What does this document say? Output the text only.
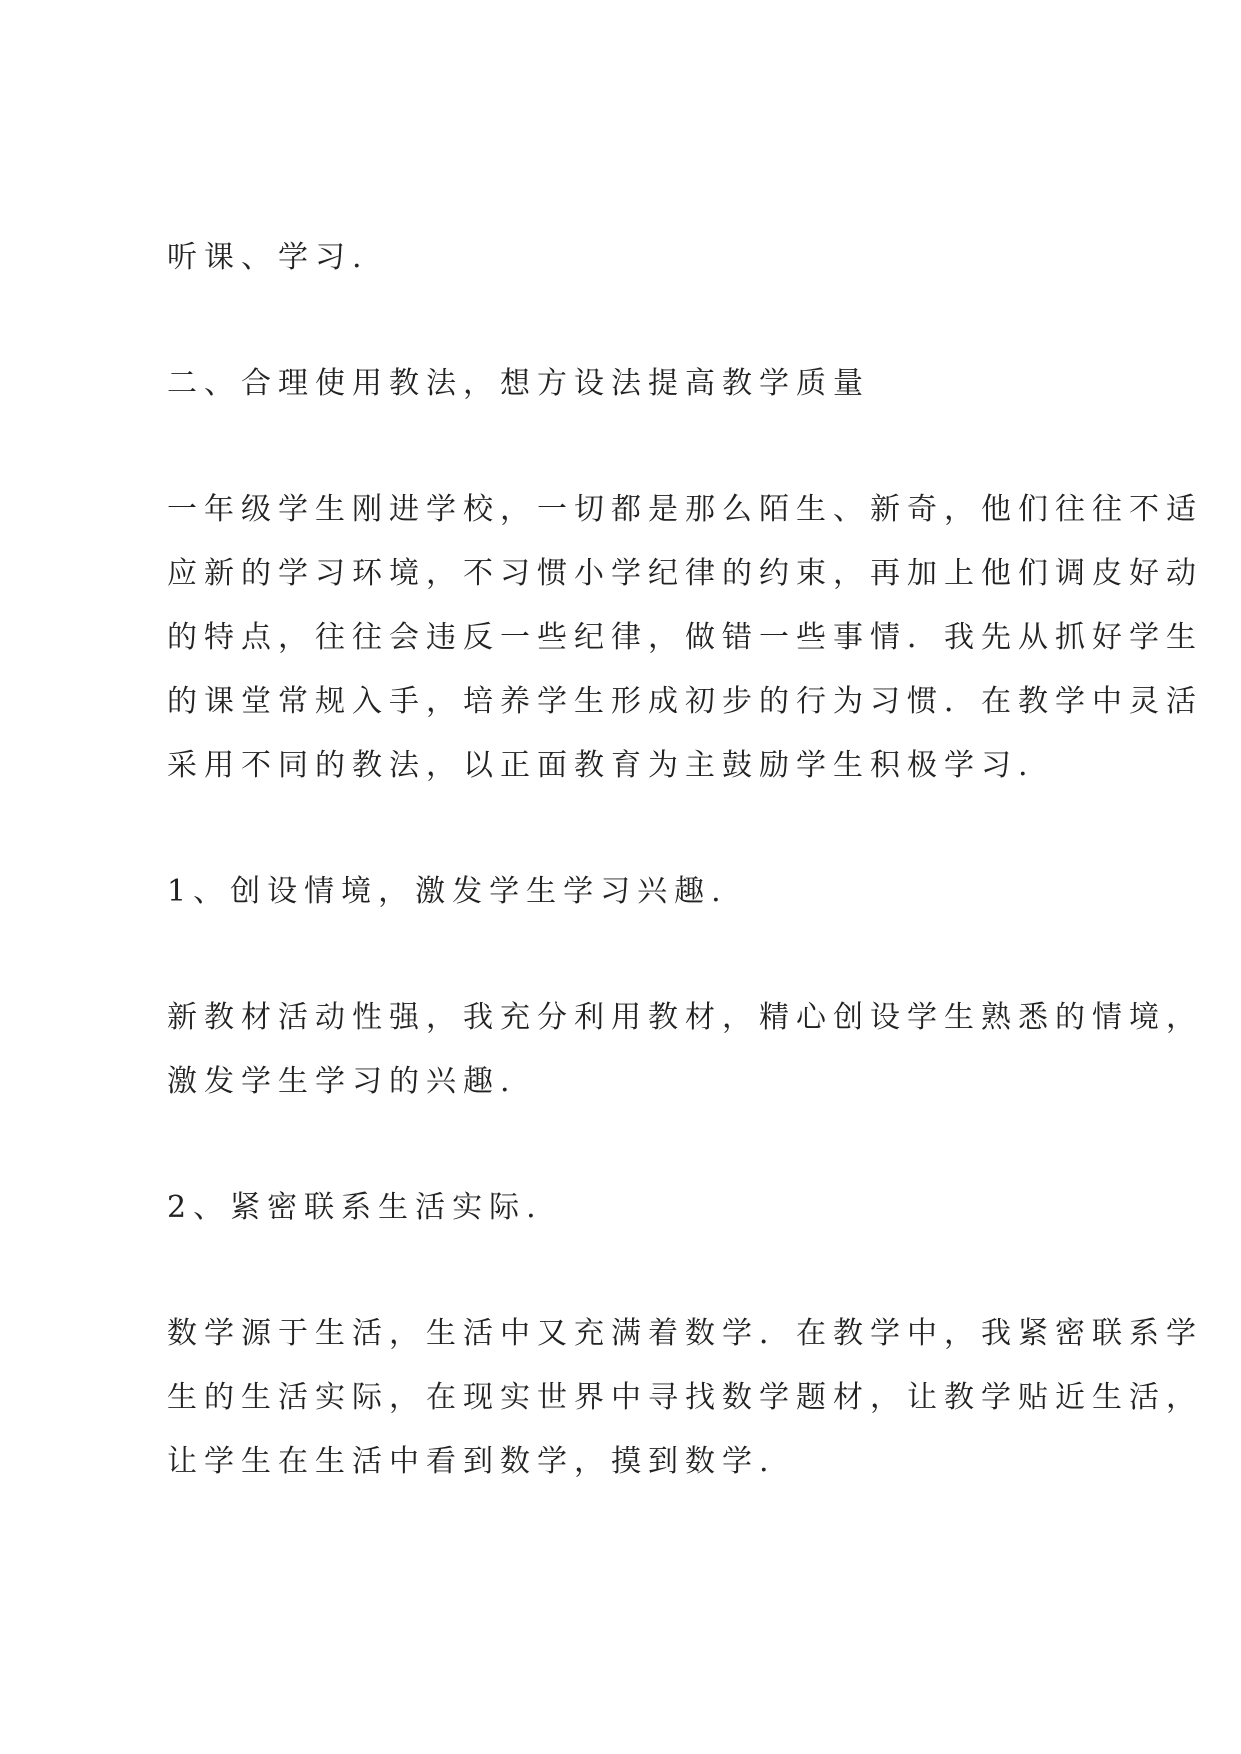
听课、学习.

二、合理使用教法，想方设法提高教学质量

一年级学生刚进学校，一切都是那么陌生、新奇，他们往往不适
应新的学习环境，不习惯小学纪律的约束，再加上他们调皮好动
的特点，往往会违反一些纪律，做错一些事情．我先从抓好学生
的课堂常规入手，培养学生形成初步的行为习惯．在教学中灵活
采用不同的教法，以正面教育为主鼓励学生积极学习.

1、创设情境，激发学生学习兴趣.

新教材活动性强，我充分利用教材，精心创设学生熟悉的情境，
激发学生学习的兴趣.

2、紧密联系生活实际.

数学源于生活，生活中又充满着数学．在教学中，我紧密联系学
生的生活实际，在现实世界中寻找数学题材，让教学贴近生活，
让学生在生活中看到数学，摸到数学.
